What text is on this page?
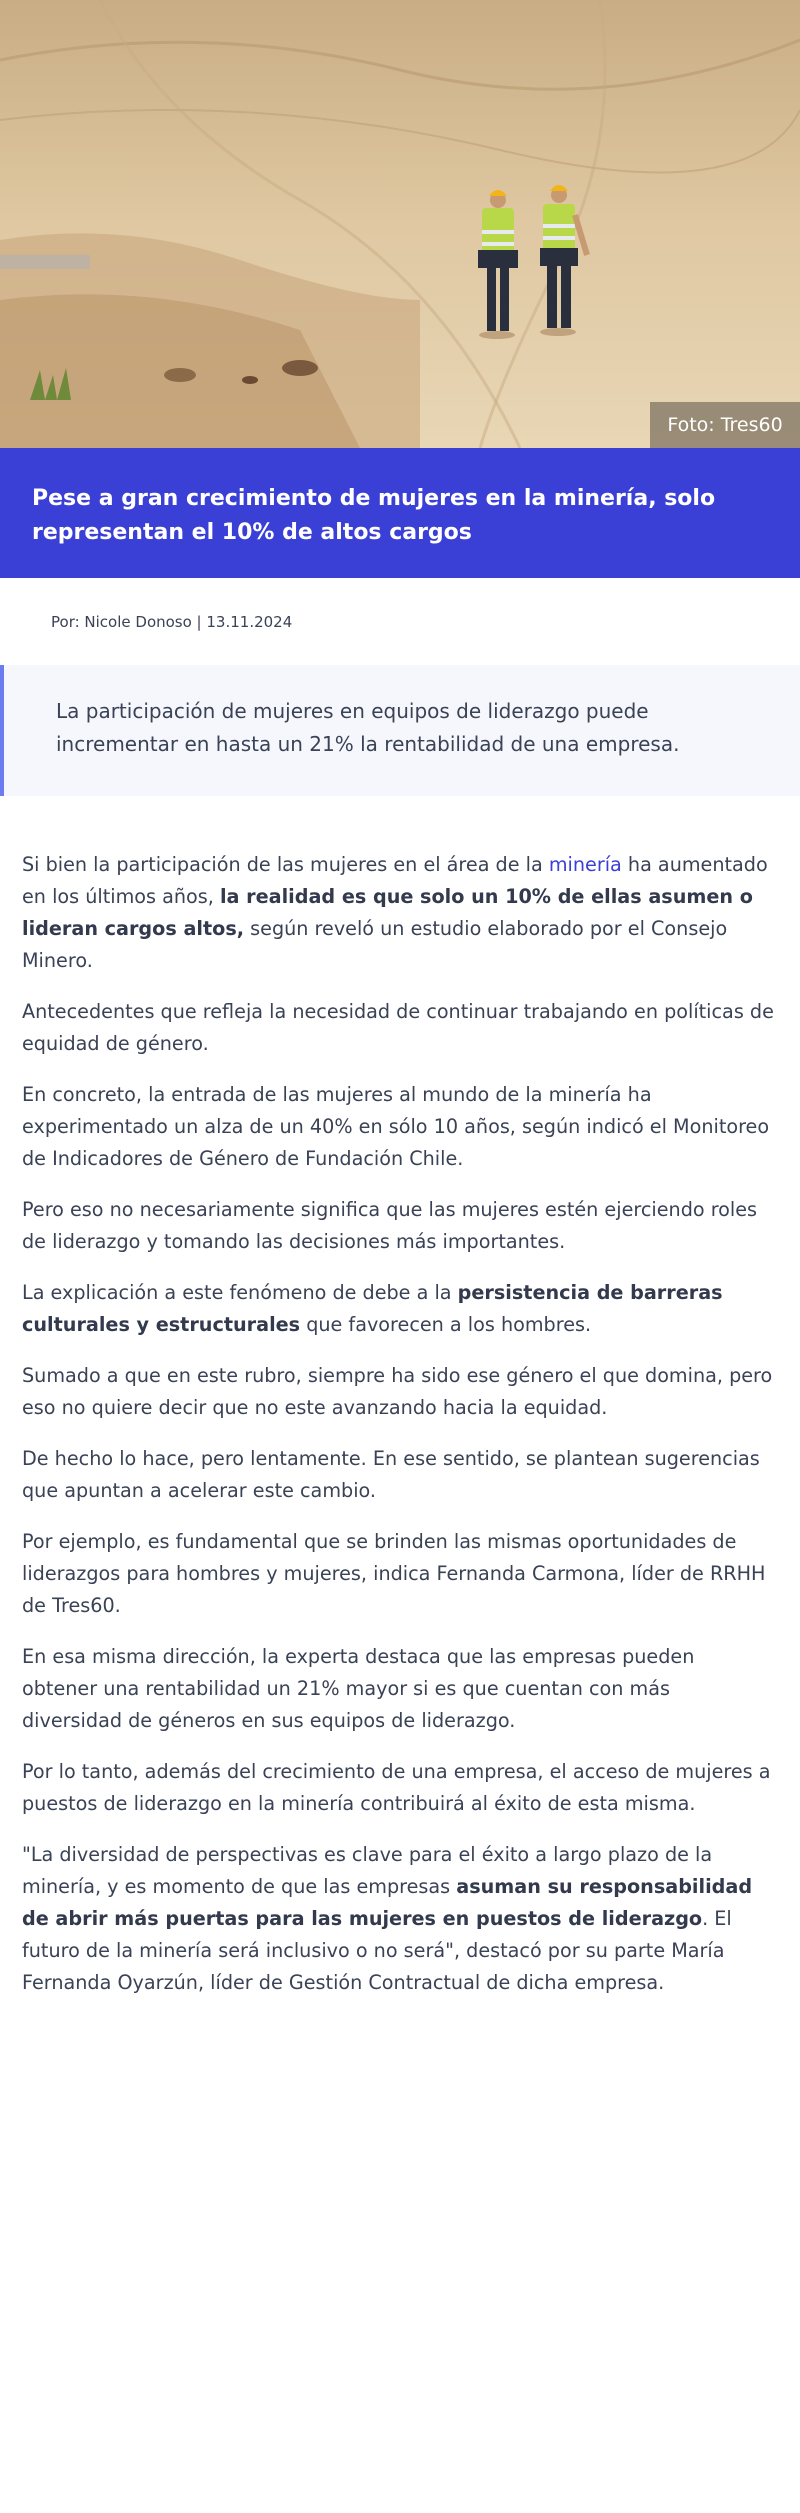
Foto: Tres60
Pese a gran crecimiento de mujeres en la minería, solo representan el 10% de altos cargos
Por: Nicole Donoso | 13.11.2024

La participación de mujeres en equipos de liderazgo puede incrementar en hasta un 21% la rentabilidad de una empresa.

Si bien la participación de las mujeres en el área de la minería ha aumentado en los últimos años, la realidad es que solo un 10% de ellas asumen o lideran cargos altos, según reveló un estudio elaborado por el Consejo Minero.

Antecedentes que refleja la necesidad de continuar trabajando en políticas de equidad de género.

En concreto, la entrada de las mujeres al mundo de la minería ha experimentado un alza de un 40% en sólo 10 años, según indicó el Monitoreo de Indicadores de Género de Fundación Chile.

Pero eso no necesariamente significa que las mujeres estén ejerciendo roles de liderazgo y tomando las decisiones más importantes.

La explicación a este fenómeno de debe a la persistencia de barreras culturales y estructurales que favorecen a los hombres.

Sumado a que en este rubro, siempre ha sido ese género el que domina, pero eso no quiere decir que no este avanzando hacia la equidad.

De hecho lo hace, pero lentamente. En ese sentido, se plantean sugerencias que apuntan a acelerar este cambio.

Por ejemplo, es fundamental que se brinden las mismas oportunidades de liderazgos para hombres y mujeres, indica Fernanda Carmona, líder de RRHH de Tres60.

En esa misma dirección, la experta destaca que las empresas pueden obtener una rentabilidad un 21% mayor si es que cuentan con más diversidad de géneros en sus equipos de liderazgo.

Por lo tanto, además del crecimiento de una empresa, el acceso de mujeres a puestos de liderazgo en la minería contribuirá al éxito de esta misma.

"La diversidad de perspectivas es clave para el éxito a largo plazo de la minería, y es momento de que las empresas asuman su responsabilidad de abrir más puertas para las mujeres en puestos de liderazgo. El futuro de la minería será inclusivo o no será", destacó por su parte María Fernanda Oyarzún, líder de Gestión Contractual de dicha empresa.
